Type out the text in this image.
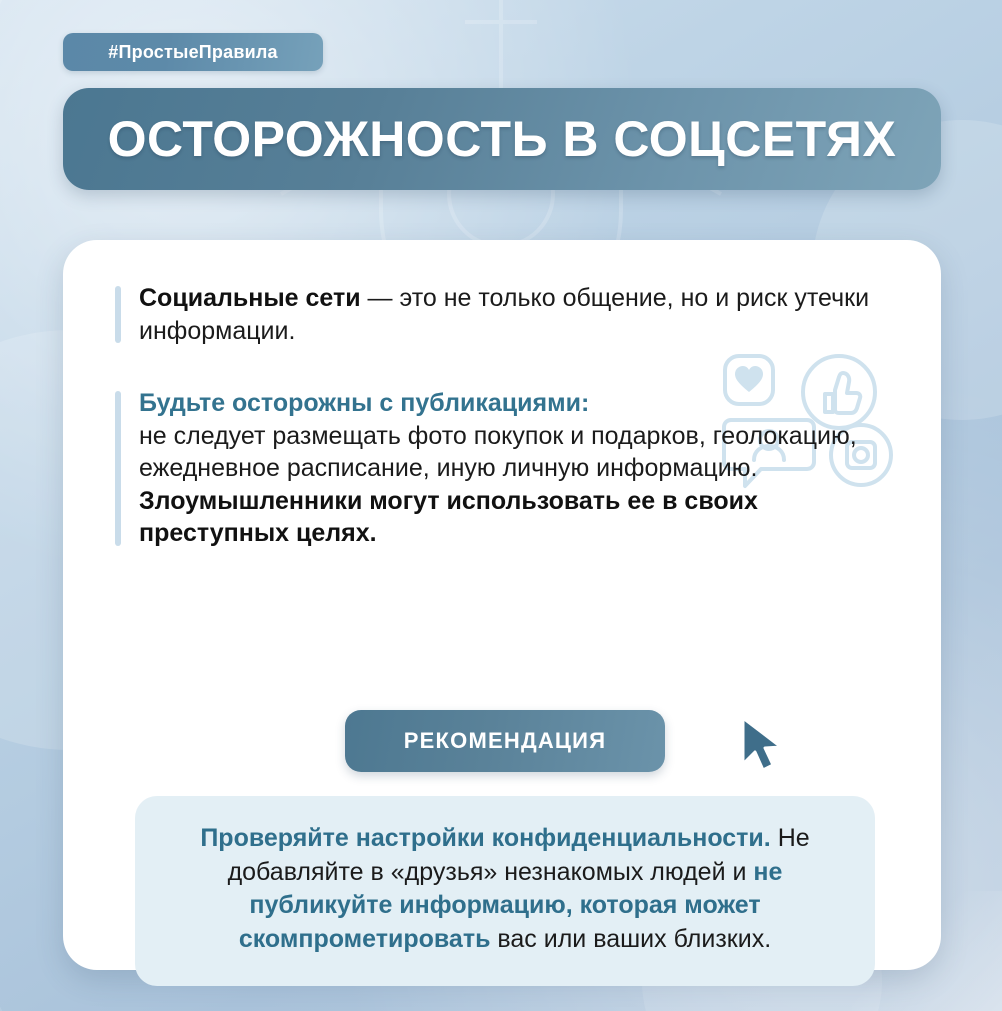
#ПростыеПравила
ОСТОРОЖНОСТЬ В СОЦСЕТЯХ

Социальные сети — это не только общение, но и риск утечки информации.

Будьте осторожны с публикациями:
не следует размещать фото покупок и подарков, геолокацию, ежедневное расписание, иную личную информацию. Злоумышленники могут использовать ее в своих преступных целях.

РЕКОМЕНДАЦИЯ

Проверяйте настройки конфиденциальности. Не добавляйте в «друзья» незнакомых людей и не публикуйте информацию, которая может скомпрометировать вас или ваших близких.
